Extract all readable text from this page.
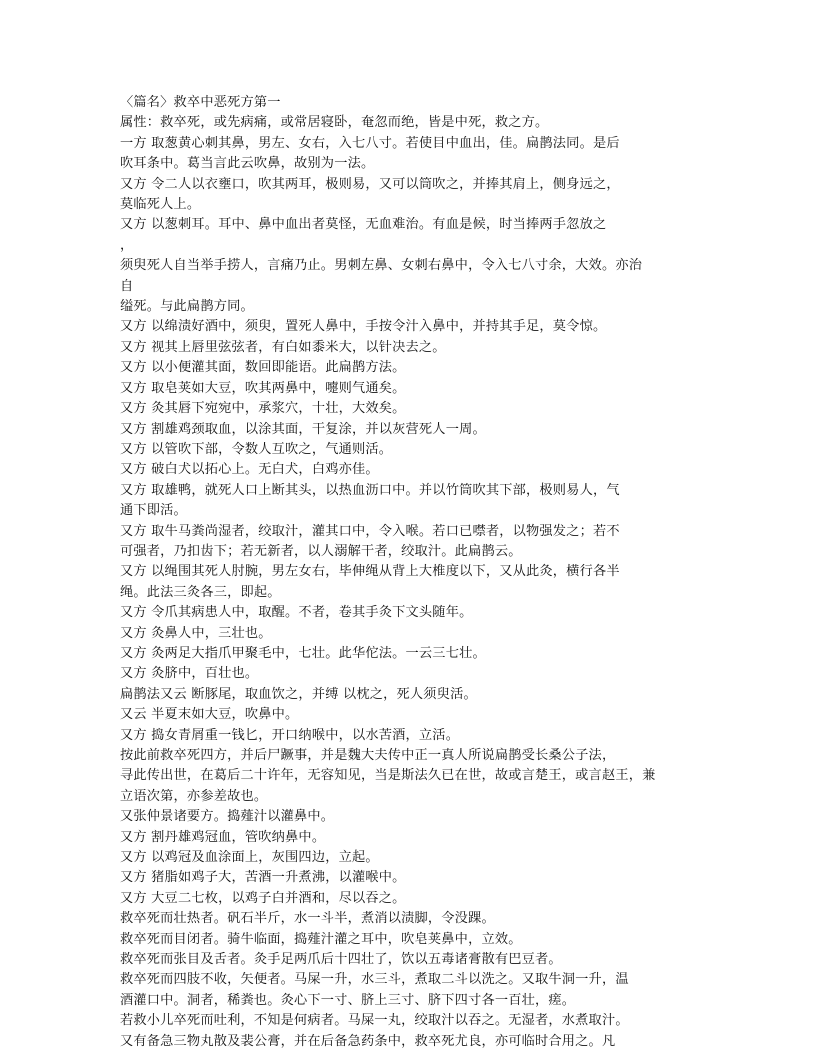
〈篇名〉救卒中恶死方第一
属性：救卒死，或先病痛，或常居寝卧，奄忽而绝，皆是中死，救之方。
一方 取葱黄心刺其鼻，男左、女右，入七八寸。若使目中血出，佳。扁鹊法同。是后
吹耳条中。葛当言此云吹鼻，故别为一法。
又方 令二人以衣壅口，吹其两耳，极则易，又可以筒吹之，并捧其肩上，侧身远之，
莫临死人上。
又方 以葱刺耳。耳中、鼻中血出者莫怪，无血难治。有血是候，时当捧两手忽放之
，
须臾死人自当举手捞人，言痛乃止。男刺左鼻、女刺右鼻中，令入七八寸余，大效。亦治
自
缢死。与此扁鹊方同。
又方 以绵渍好酒中，须臾，置死人鼻中，手按令汁入鼻中，并持其手足，莫令惊。
又方 视其上唇里弦弦者，有白如黍米大，以针决去之。
又方 以小便灌其面，数回即能语。此扁鹊方法。
又方 取皂荚如大豆，吹其两鼻中，嚏则气通矣。
又方 灸其唇下宛宛中，承浆穴，十壮，大效矣。
又方 割雄鸡颈取血，以涂其面，干复涂，并以灰营死人一周。
又方 以管吹下部，令数人互吹之，气通则活。
又方 破白犬以拓心上。无白犬，白鸡亦佳。
又方 取雄鸭，就死人口上断其头，以热血沥口中。并以竹筒吹其下部，极则易人，气
通下即活。
又方 取牛马粪尚湿者，绞取汁，灌其口中，令入喉。若口已噤者，以物强发之；若不
可强者，乃扣齿下；若无新者，以人溺解干者，绞取汁。此扁鹊云。
又方 以绳围其死人肘腕，男左女右，毕伸绳从背上大椎度以下，又从此灸，横行各半
绳。此法三灸各三，即起。
又方 令爪其病患人中，取醒。不者，卷其手灸下文头随年。
又方 灸鼻人中，三壮也。
又方 灸两足大指爪甲聚毛中，七壮。此华佗法。一云三七壮。
又方 灸脐中，百壮也。
扁鹊法又云 断豚尾，取血饮之，并缚 以枕之，死人须臾活。
又云 半夏末如大豆，吹鼻中。
又方 捣女青屑重一钱匕，开口纳喉中，以水苦酒，立活。
按此前救卒死四方，并后尸蹶事，并是魏大夫传中正一真人所说扁鹊受长桑公子法，
寻此传出世，在葛后二十许年，无容知见，当是斯法久已在世，故或言楚王，或言赵王，兼
立语次第，亦参差故也。
又张仲景诸要方。捣薤汁以灌鼻中。
又方 割丹雄鸡冠血，管吹纳鼻中。
又方 以鸡冠及血涂面上，灰围四边，立起。
又方 猪脂如鸡子大，苦酒一升煮沸，以灌喉中。
又方 大豆二七枚，以鸡子白并酒和，尽以吞之。
救卒死而壮热者。矾石半斤，水一斗半，煮消以渍脚，令没踝。
救卒死而目闭者。骑牛临面，捣薤汁灌之耳中，吹皂荚鼻中，立效。
救卒死而张目及舌者。灸手足两爪后十四壮了，饮以五毒诸膏散有巴豆者。
救卒死而四肢不收，矢便者。马屎一升，水三斗，煮取二斗以洗之。又取牛洞一升，温
酒灌口中。洞者，稀粪也。灸心下一寸、脐上三寸、脐下四寸各一百壮，瘥。
若救小儿卒死而吐利，不知是何病者。马屎一丸，绞取汁以吞之。无湿者，水煮取汁。
又有备急三物丸散及裴公膏，并在后备急药条中，救卒死尤良，亦可临时合用之。凡
